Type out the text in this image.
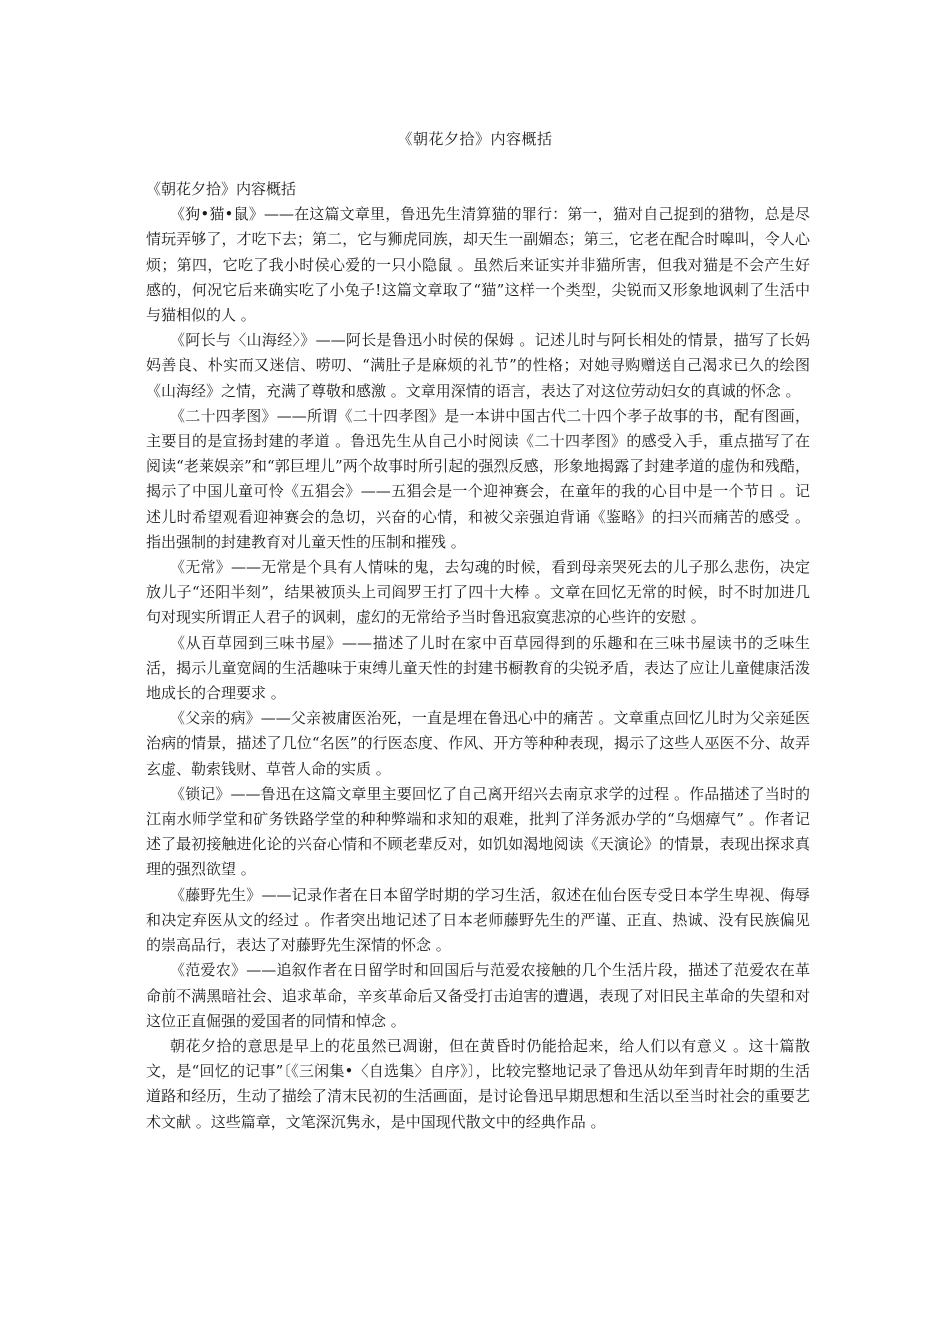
《朝花夕拾》内容概括
《朝花夕拾》内容概括

《狗•猫•鼠》——在这篇文章里，鲁迅先生清算猫的罪行：第一，猫对自己捉到的猎物，总是尽情玩弄够了，才吃下去；第二，它与狮虎同族，却天生一副媚态；第三，它老在配合时嗥叫，令人心烦；第四，它吃了我小时侯心爱的一只小隐鼠 。虽然后来证实并非猫所害，但我对猫是不会产生好感的，何况它后来确实吃了小兔子!这篇文章取了“猫”这样一个类型，尖锐而又形象地讽刺了生活中与猫相似的人 。

《阿长与〈山海经〉》——阿长是鲁迅小时侯的保姆 。记述儿时与阿长相处的情景，描写了长妈妈善良、朴实而又迷信、唠叨、“满肚子是麻烦的礼节”的性格；对她寻购赠送自己渴求已久的绘图《山海经》之情，充满了尊敬和感激 。文章用深情的语言，表达了对这位劳动妇女的真诚的怀念 。

《二十四孝图》——所谓《二十四孝图》是一本讲中国古代二十四个孝子故事的书，配有图画，主要目的是宣扬封建的孝道 。鲁迅先生从自己小时阅读《二十四孝图》的感受入手，重点描写了在阅读“老莱娱亲”和“郭巨埋儿”两个故事时所引起的强烈反感，形象地揭露了封建孝道的虚伪和残酷，揭示了中国儿童可怜《五猖会》——五猖会是一个迎神赛会，在童年的我的心目中是一个节日 。记述儿时希望观看迎神赛会的急切，兴奋的心情，和被父亲强迫背诵《鉴略》的扫兴而痛苦的感受 。指出强制的封建教育对儿童天性的压制和摧残 。

《无常》——无常是个具有人情味的鬼，去勾魂的时候，看到母亲哭死去的儿子那么悲伤，决定放儿子“还阳半刻”，结果被顶头上司阎罗王打了四十大棒 。文章在回忆无常的时候，时不时加进几句对现实所谓正人君子的讽刺，虚幻的无常给予当时鲁迅寂寞悲凉的心些许的安慰 。

《从百草园到三味书屋》——描述了儿时在家中百草园得到的乐趣和在三味书屋读书的乏味生活，揭示儿童宽阔的生活趣味于束缚儿童天性的封建书橱教育的尖锐矛盾，表达了应让儿童健康活泼地成长的合理要求 。

《父亲的病》——父亲被庸医治死，一直是埋在鲁迅心中的痛苦 。文章重点回忆儿时为父亲延医治病的情景，描述了几位“名医”的行医态度、作风、开方等种种表现，揭示了这些人巫医不分、故弄玄虚、勒索钱财、草菅人命的实质 。

《锁记》——鲁迅在这篇文章里主要回忆了自己离开绍兴去南京求学的过程 。作品描述了当时的江南水师学堂和矿务铁路学堂的种种弊端和求知的艰难，批判了洋务派办学的“乌烟瘴气” 。作者记述了最初接触进化论的兴奋心情和不顾老辈反对，如饥如渴地阅读《天演论》的情景，表现出探求真理的强烈欲望 。

《藤野先生》——记录作者在日本留学时期的学习生活，叙述在仙台医专受日本学生卑视、侮辱和决定弃医从文的经过 。作者突出地记述了日本老师藤野先生的严谨、正直、热诚、没有民族偏见的崇高品行，表达了对藤野先生深情的怀念 。

《范爱农》——追叙作者在日留学时和回国后与范爱农接触的几个生活片段，描述了范爱农在革命前不满黑暗社会、追求革命，辛亥革命后又备受打击迫害的遭遇，表现了对旧民主革命的失望和对这位正直倔强的爱国者的同情和悼念 。

朝花夕拾的意思是早上的花虽然已凋谢，但在黄昏时仍能拾起来，给人们以有意义 。这十篇散文，是“回忆的记事”〔《三闲集•〈自选集〉自序》〕，比较完整地记录了鲁迅从幼年到青年时期的生活道路和经历，生动了描绘了清末民初的生活画面，是讨论鲁迅早期思想和生活以至当时社会的重要艺术文献 。这些篇章，文笔深沉隽永，是中国现代散文中的经典作品 。
